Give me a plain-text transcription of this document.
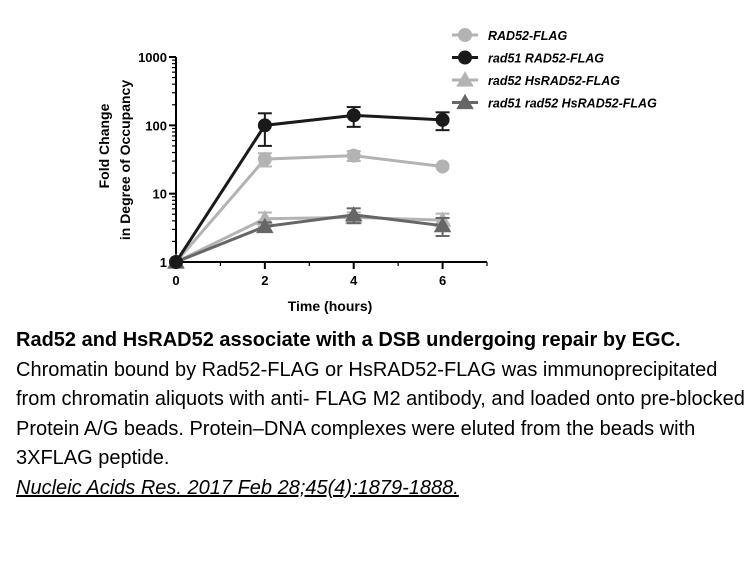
1
10
100
1000
0	2	4	6
Time (hours)
Fold Change in Degree of Occupancy
RAD52-FLAG
rad51 RAD52-FLAG
rad52 HsRAD52-FLAG
rad51 rad52 HsRAD52-FLAG
Rad52 and HsRAD52 associate with a DSB undergoing repair by EGC.
Chromatin bound by Rad52-FLAG or HsRAD52-FLAG was immunoprecipitated from chromatin aliquots with anti- FLAG M2 antibody, and loaded onto pre-blocked Protein A/G beads. Protein–DNA complexes were eluted from the beads with 3XFLAG peptide.
Nucleic Acids Res. 2017 Feb 28;45(4):1879-1888.
